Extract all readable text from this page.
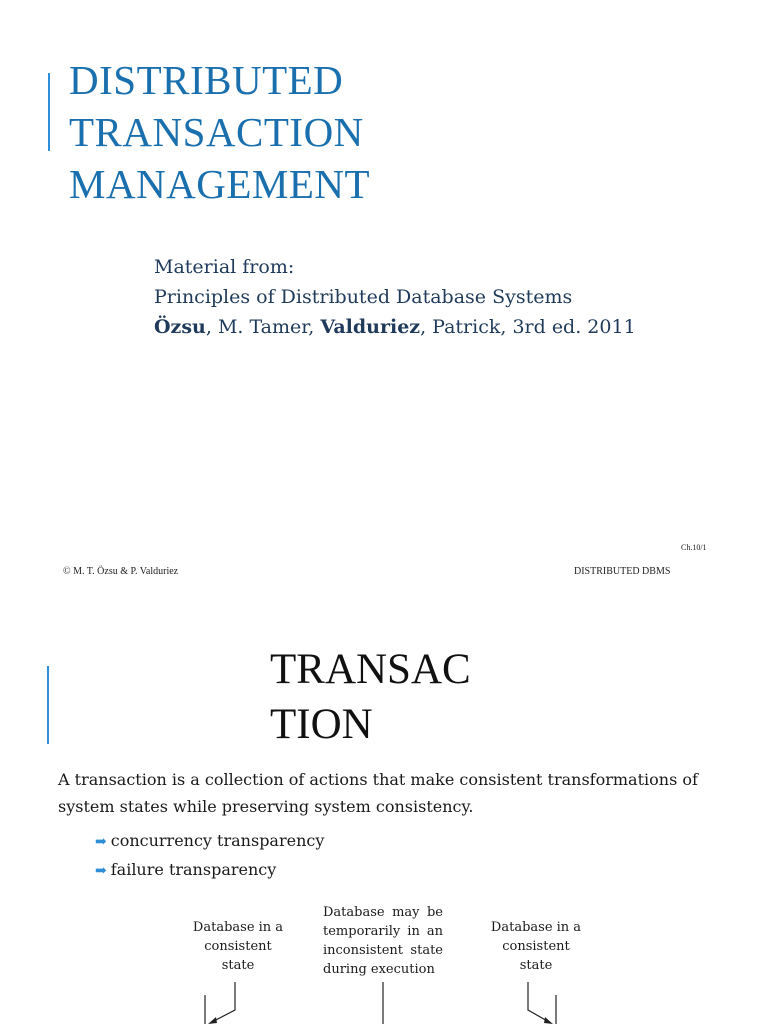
DISTRIBUTED
TRANSACTION
MANAGEMENT
Material from:
Principles of Distributed Database Systems
Özsu, M. Tamer, Valduriez, Patrick, 3rd ed. 2011
Ch.10/1
© M. T. Özsu & P. Valduriez	DISTRIBUTED DBMS
TRANSAC
TION
A transaction is a collection of actions that make consistent transformations of system states while preserving system consistency.
➡ concurrency transparency
➡ failure transparency
Database in a
consistent
state
Database may be
temporarily in an
inconsistent state
during execution
Database in a
consistent
state
